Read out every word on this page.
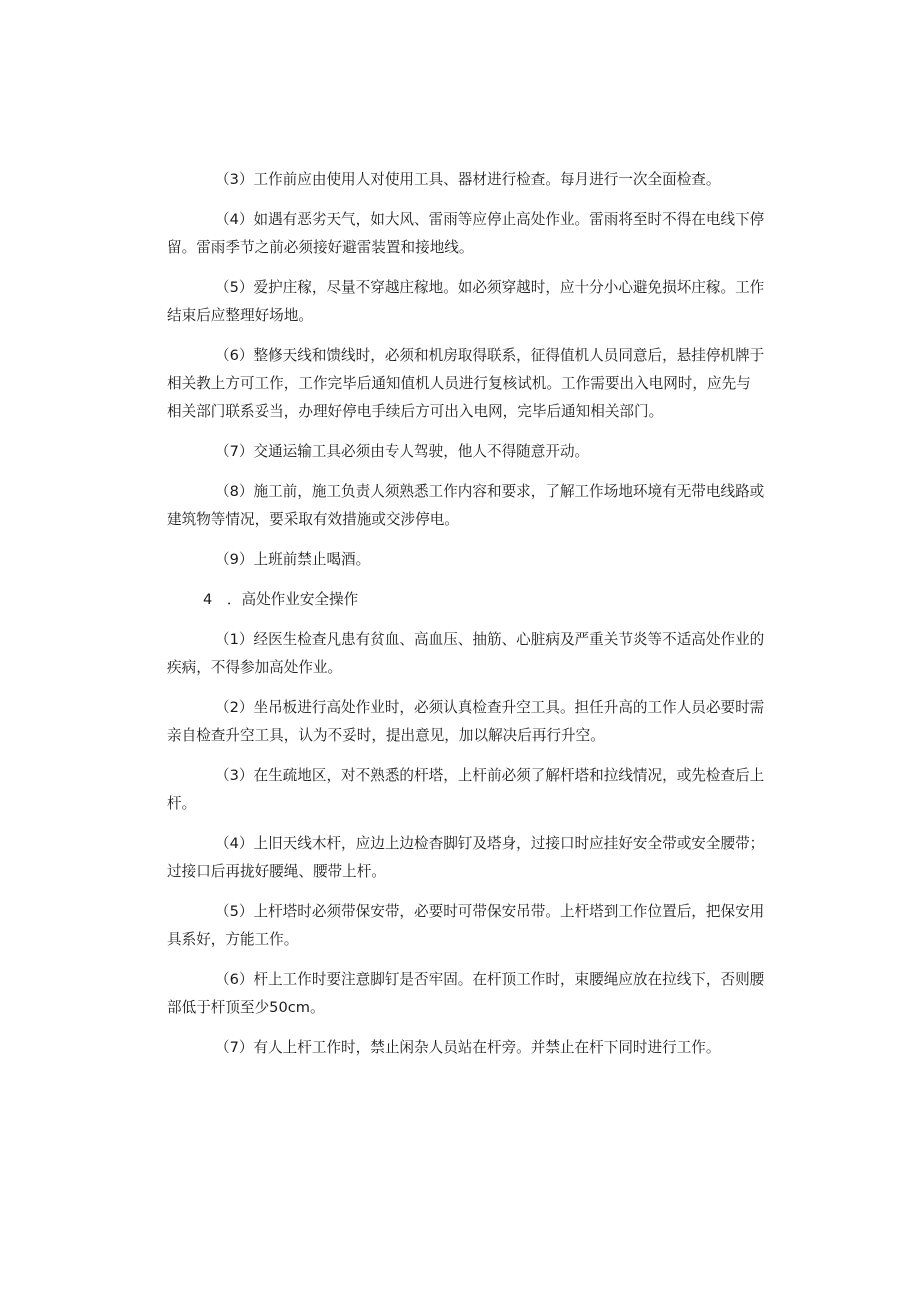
（3）工作前应由使用人对使用工具、器材进行检查。每月进行一次全面检查。

（4）如遇有恶劣天气，如大风、雷雨等应停止高处作业。雷雨将至时不得在电线下停留。雷雨季节之前必须接好避雷装置和接地线。

（5）爱护庄稼，尽量不穿越庄稼地。如必须穿越时，应十分小心避免损坏庄稼。工作结束后应整理好场地。

（6）整修天线和馈线时，必须和机房取得联系，征得值机人员同意后，悬挂停机牌于相关教上方可工作，工作完毕后通知值机人员进行复核试机。工作需要出入电网时，应先与相关部门联系妥当，办理好停电手续后方可出入电网，完毕后通知相关部门。

（7）交通运输工具必须由专人驾驶，他人不得随意开动。

（8）施工前，施工负责人须熟悉工作内容和要求，了解工作场地环境有无带电线路或建筑物等情况，要采取有效措施或交涉停电。

（9）上班前禁止喝酒。

4　．高处作业安全操作

（1）经医生检查凡患有贫血、高血压、抽筋、心脏病及严重关节炎等不适高处作业的疾病，不得参加高处作业。

（2）坐吊板进行高处作业时，必须认真检查升空工具。担任升高的工作人员必要时需亲自检查升空工具，认为不妥时，提出意见，加以解决后再行升空。

（3）在生疏地区，对不熟悉的杆塔，上杆前必须了解杆塔和拉线情况，或先检查后上杆。

（4）上旧天线木杆，应边上边检杳脚钉及塔身，过接口时应挂好安全带或安全腰带；过接口后再拢好腰绳、腰带上杆。

（5）上杆塔时必须带保安带，必要时可带保安吊带。上杆塔到工作位置后，把保安用具系好，方能工作。

（6）杆上工作时要注意脚钉是否牢固。在杆顶工作时，束腰绳应放在拉线下，否则腰部低于杆顶至少50cm。

（7）有人上杆工作时，禁止闲杂人员站在杆旁。并禁止在杆下同时进行工作。
